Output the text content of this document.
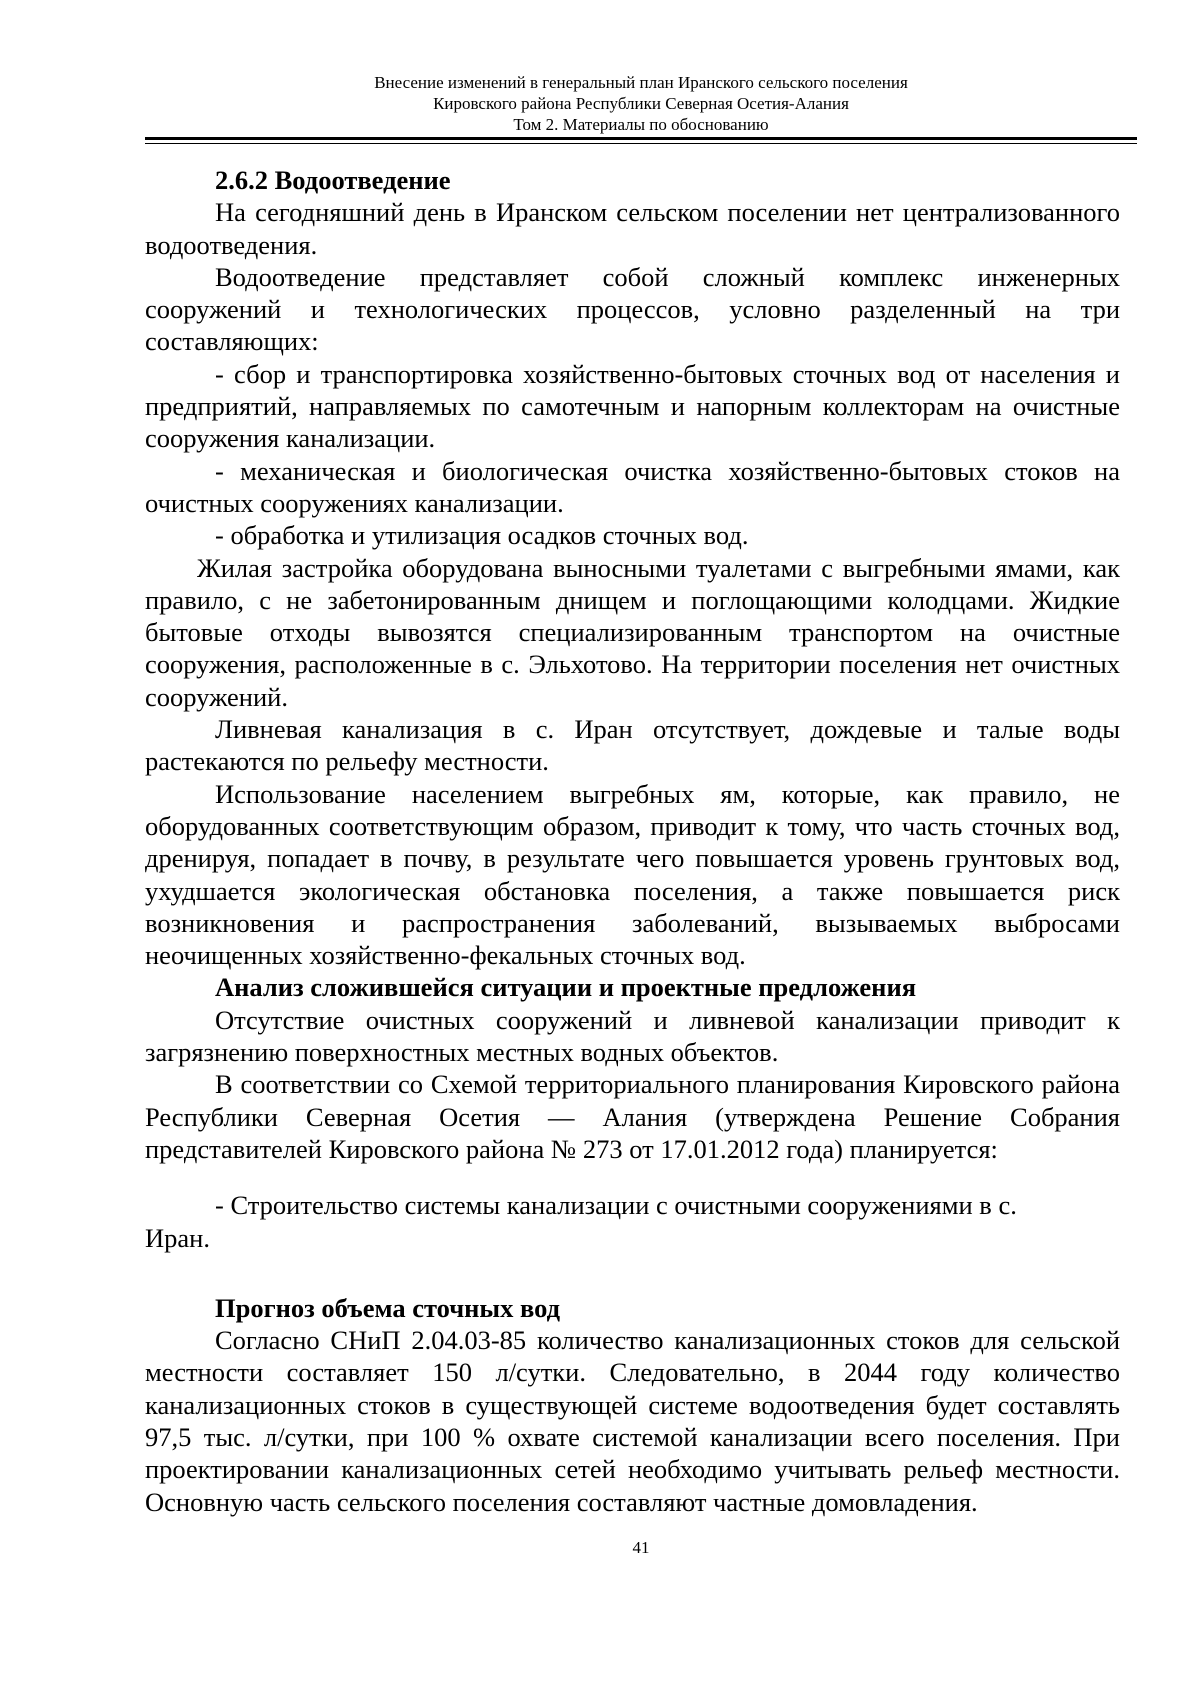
Внесение изменений в генеральный план Иранского сельского поселения
Кировского района Республики Северная Осетия-Алания
Том 2. Материалы по обоснованию

2.6.2 Водоотведение

На сегодняшний день в Иранском сельском поселении нет централизованного водоотведения.

Водоотведение представляет собой сложный комплекс инженерных сооружений и технологических процессов, условно разделенный на три составляющих:

- сбор и транспортировка хозяйственно-бытовых сточных вод от населения и предприятий, направляемых по самотечным и напорным коллекторам на очистные сооружения канализации.

- механическая и биологическая очистка хозяйственно-бытовых стоков на очистных сооружениях канализации.

- обработка и утилизация осадков сточных вод.

Жилая застройка оборудована выносными туалетами с выгребными ямами, как правило, с не забетонированным днищем и поглощающими колодцами. Жидкие бытовые отходы вывозятся специализированным транспортом на очистные сооружения, расположенные в с. Эльхотово. На территории поселения нет очистных сооружений.

Ливневая канализация в с. Иран отсутствует, дождевые и талые воды растекаются по рельефу местности.

Использование населением выгребных ям, которые, как правило, не оборудованных соответствующим образом, приводит к тому, что часть сточных вод, дренируя, попадает в почву, в результате чего повышается уровень грунтовых вод, ухудшается экологическая обстановка поселения, а также повышается риск возникновения и распространения заболеваний, вызываемых выбросами неочищенных хозяйственно-фекальных сточных вод.

Анализ сложившейся ситуации и проектные предложения

Отсутствие очистных сооружений и ливневой канализации приводит к загрязнению поверхностных местных водных объектов.

В соответствии со Схемой территориального планирования Кировского района Республики Северная Осетия — Алания (утверждена Решение Собрания представителей Кировского района № 273 от 17.01.2012 года) планируется:

- Строительство системы канализации с очистными сооружениями в с.

Иран.

Прогноз объема сточных вод

Согласно СНиП 2.04.03-85 количество канализационных стоков для сельской местности составляет 150 л/сутки. Следовательно, в 2044 году количество канализационных стоков в существующей системе водоотведения будет составлять 97,5 тыс. л/сутки, при 100 % охвате системой канализации всего поселения. При проектировании канализационных сетей необходимо учитывать рельеф местности. Основную часть сельского поселения составляют частные домовладения.

41
